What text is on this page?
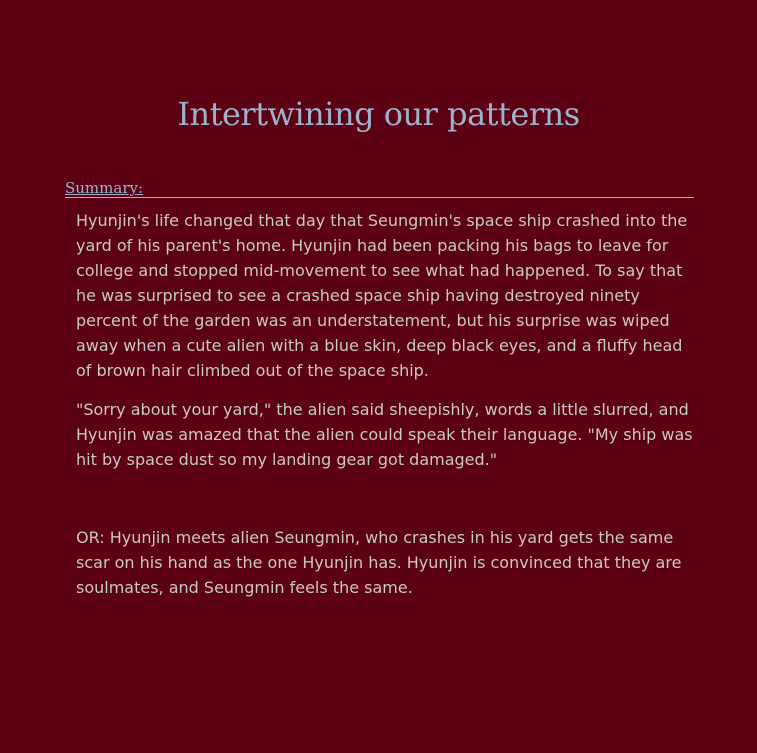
Intertwining our patterns
Summary:

Hyunjin's life changed that day that Seungmin's space ship crashed into the yard of his parent's home. Hyunjin had been packing his bags to leave for college and stopped mid-movement to see what had happened. To say that he was surprised to see a crashed space ship having destroyed ninety percent of the garden was an understatement, but his surprise was wiped away when a cute alien with a blue skin, deep black eyes, and a fluffy head of brown hair climbed out of the space ship.

"Sorry about your yard," the alien said sheepishly, words a little slurred, and Hyunjin was amazed that the alien could speak their language. "My ship was hit by space dust so my landing gear got damaged."

OR: Hyunjin meets alien Seungmin, who crashes in his yard gets the same scar on his hand as the one Hyunjin has. Hyunjin is convinced that they are soulmates, and Seungmin feels the same.
